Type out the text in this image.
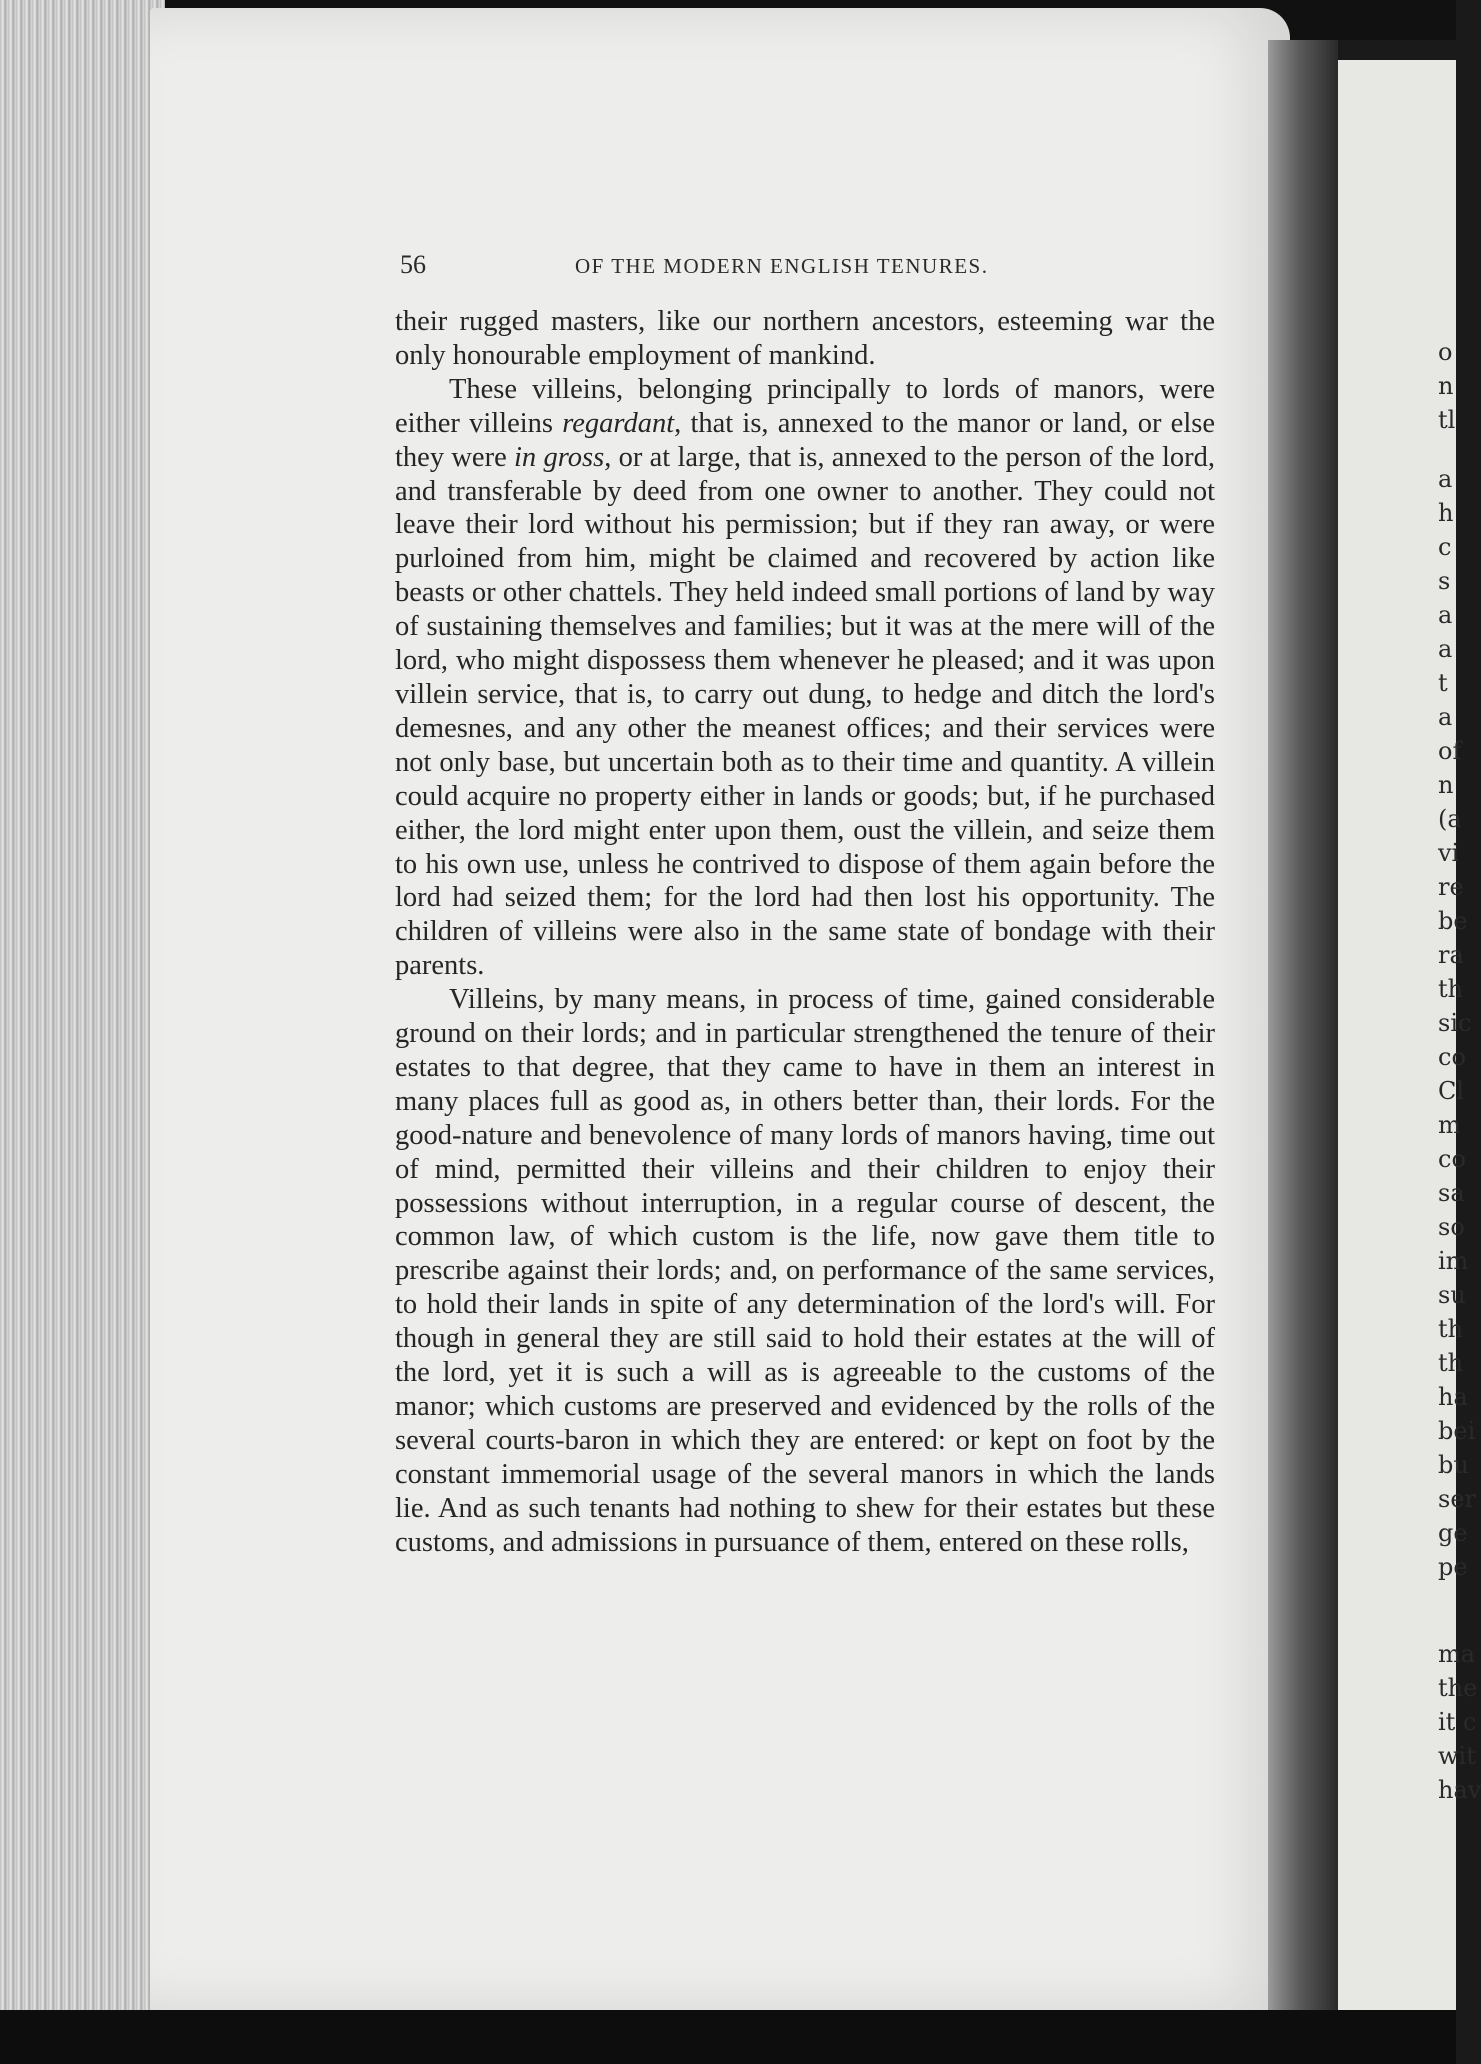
o
n
tl
a
h
c
s
a
a
t
a
of
n
(a
vi
re
be
ra
th
sic
co
Cl
m
co
sa
so
im
su
th
th
ha
bei
bu
ser
ge
pe
ma
the
it c
wit
hav
56	OF THE MODERN ENGLISH TENURES.

their rugged masters, like our northern ancestors, esteeming war the only honourable employment of mankind.

These villeins, belonging principally to lords of manors, were either villeins regardant, that is, annexed to the manor or land, or else they were in gross, or at large, that is, annexed to the person of the lord, and transferable by deed from one owner to another. They could not leave their lord without his permission; but if they ran away, or were purloined from him, might be claimed and recovered by action like beasts or other chattels. They held indeed small portions of land by way of sustaining themselves and families; but it was at the mere will of the lord, who might dispossess them whenever he pleased; and it was upon villein service, that is, to carry out dung, to hedge and ditch the lord's demesnes, and any other the meanest offices; and their services were not only base, but uncertain both as to their time and quantity. A villein could acquire no property either in lands or goods; but, if he purchased either, the lord might enter upon them, oust the villein, and seize them to his own use, unless he contrived to dispose of them again before the lord had seized them; for the lord had then lost his opportunity. The children of villeins were also in the same state of bondage with their parents.

Villeins, by many means, in process of time, gained considerable ground on their lords; and in particular strengthened the tenure of their estates to that degree, that they came to have in them an interest in many places full as good as, in others better than, their lords. For the good-nature and benevolence of many lords of manors having, time out of mind, permitted their villeins and their children to enjoy their possessions without interruption, in a regular course of descent, the common law, of which custom is the life, now gave them title to prescribe against their lords; and, on performance of the same services, to hold their lands in spite of any determination of the lord's will. For though in general they are still said to hold their estates at the will of the lord, yet it is such a will as is agreeable to the customs of the manor; which customs are preserved and evidenced by the rolls of the several courts-baron in which they are entered: or kept on foot by the constant immemorial usage of the several manors in which the lands lie. And as such tenants had nothing to shew for their estates but these customs, and admissions in pursuance of them, entered on these rolls,
